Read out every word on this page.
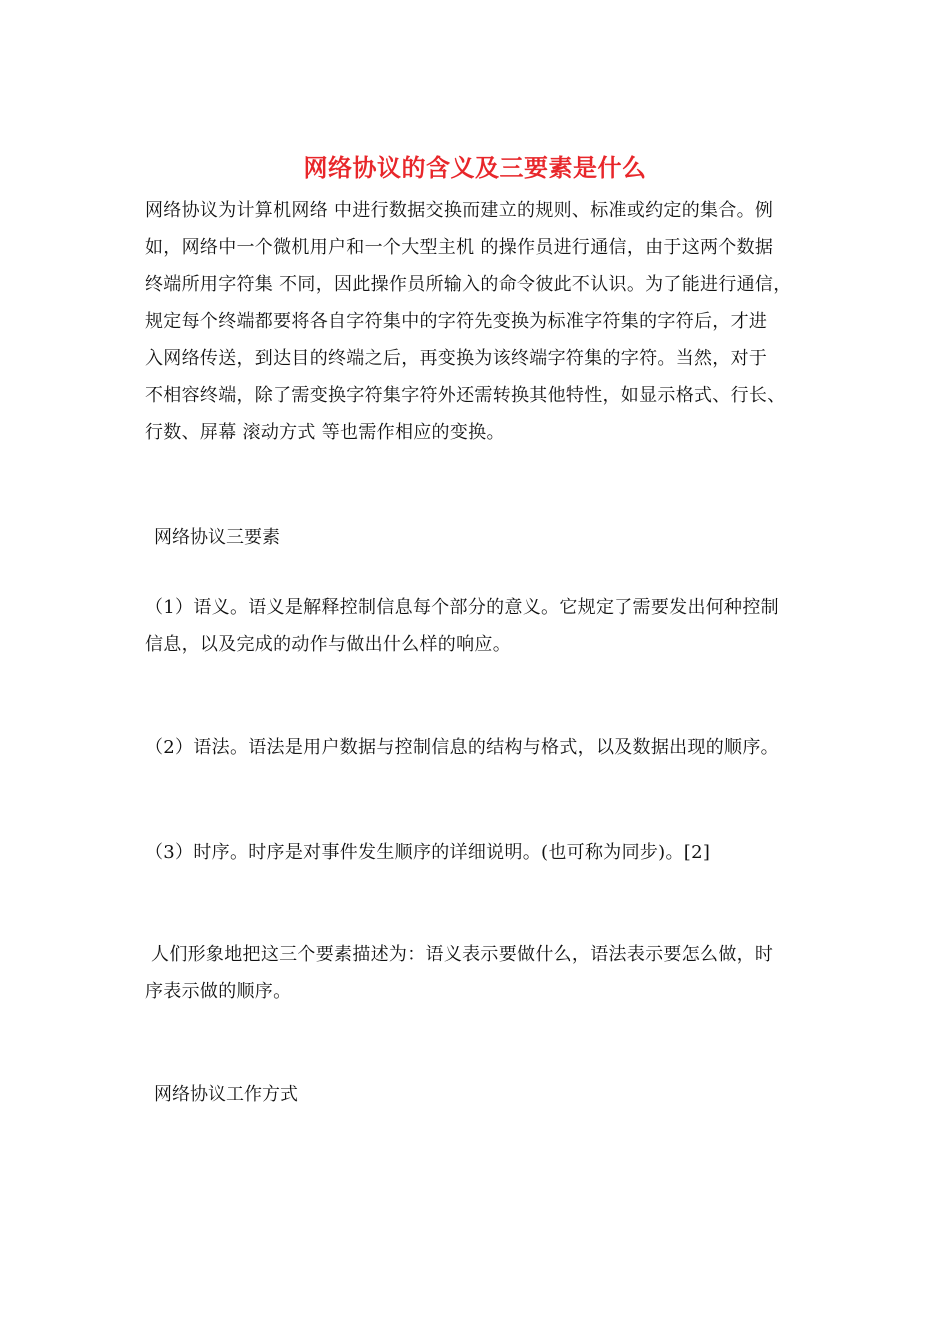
网络协议的含义及三要素是什么
网络协议为计算机网络 中进行数据交换而建立的规则、标准或约定的集合。例
如，网络中一个微机用户和一个大型主机 的操作员进行通信，由于这两个数据
终端所用字符集 不同，因此操作员所输入的命令彼此不认识。为了能进行通信，
规定每个终端都要将各自字符集中的字符先变换为标准字符集的字符后，才进
入网络传送，到达目的终端之后，再变换为该终端字符集的字符。当然，对于
不相容终端，除了需变换字符集字符外还需转换其他特性，如显示格式、行长、
行数、屏幕 滚动方式 等也需作相应的变换。
网络协议三要素
（1）语义。语义是解释控制信息每个部分的意义。它规定了需要发出何种控制
信息，以及完成的动作与做出什么样的响应。
（2）语法。语法是用户数据与控制信息的结构与格式，以及数据出现的顺序。
（3）时序。时序是对事件发生顺序的详细说明。(也可称为同步)。[2]
人们形象地把这三个要素描述为：语义表示要做什么，语法表示要怎么做，时
序表示做的顺序。
网络协议工作方式
